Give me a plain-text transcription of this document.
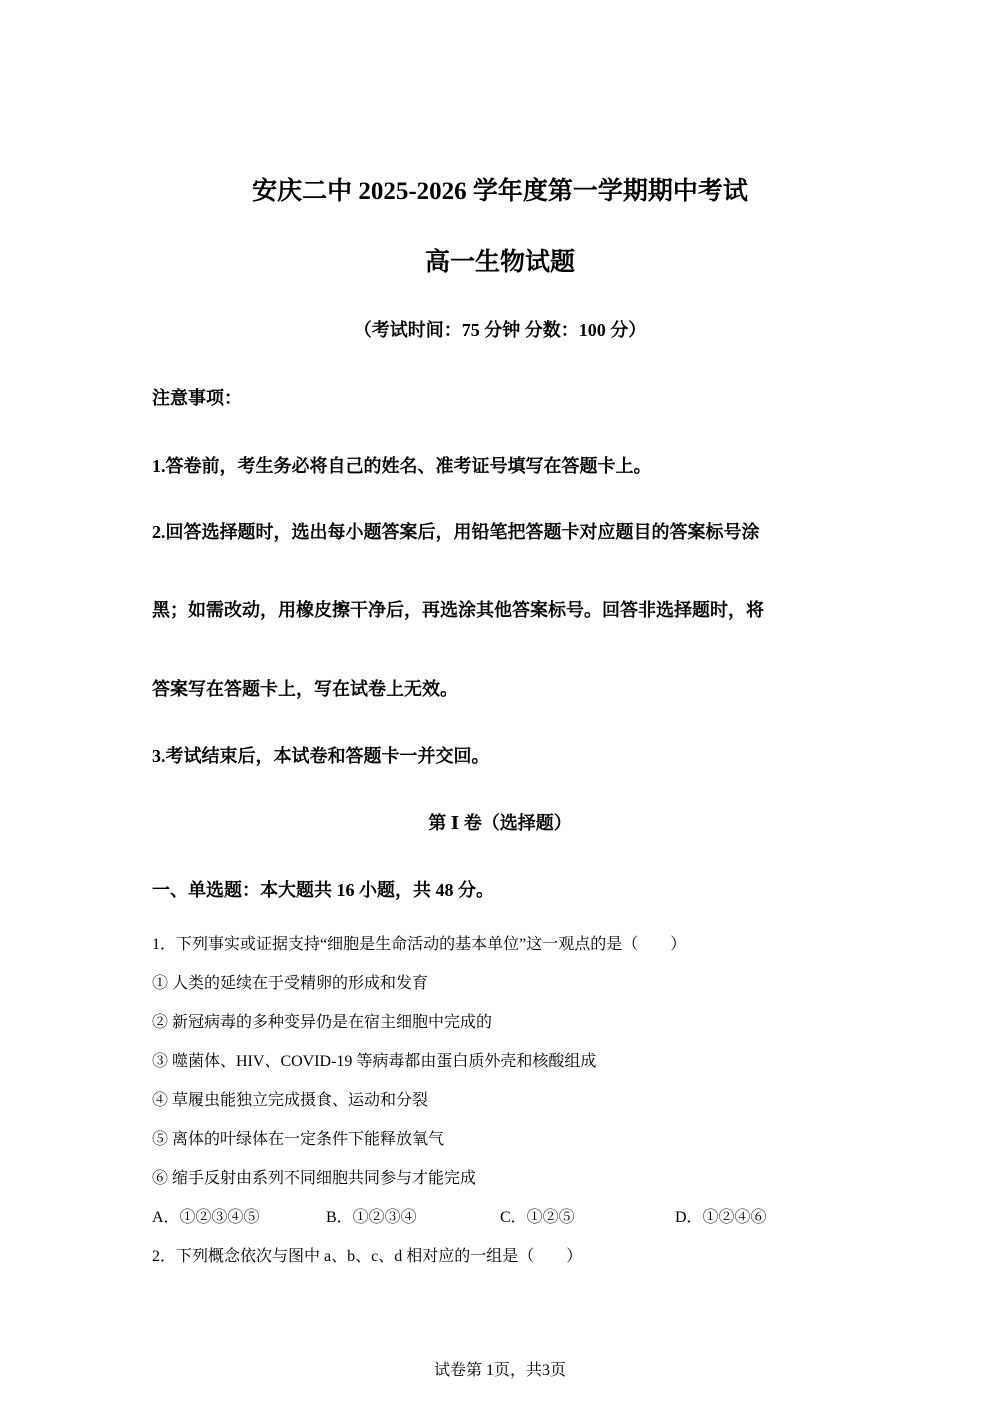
安庆二中 2025-2026 学年度第一学期期中考试
高一生物试题
（考试时间：75 分钟 分数：100 分）
注意事项：
1.答卷前，考生务必将自己的姓名、准考证号填写在答题卡上。
2.回答选择题时，选出每小题答案后，用铅笔把答题卡对应题目的答案标号涂
黑；如需改动，用橡皮擦干净后，再选涂其他答案标号。回答非选择题时，将
答案写在答题卡上，写在试卷上无效。
3.考试结束后，本试卷和答题卡一并交回。
第 Ⅰ 卷（选择题）
一、单选题：本大题共 16 小题，共 48 分。
1．下列事实或证据支持“细胞是生命活动的基本单位”这一观点的是（　　）
① 人类的延续在于受精卵的形成和发育
② 新冠病毒的多种变异仍是在宿主细胞中完成的
③ 噬菌体、HIV、COVID-19 等病毒都由蛋白质外壳和核酸组成
④ 草履虫能独立完成摄食、运动和分裂
⑤ 离体的叶绿体在一定条件下能释放氧气
⑥ 缩手反射由系列不同细胞共同参与才能完成
A．①②③④⑤	B．①②③④	C．①②⑤	D．①②④⑥
2．下列概念依次与图中 a、b、c、d 相对应的一组是（　　）
试卷第 1页，共3页
